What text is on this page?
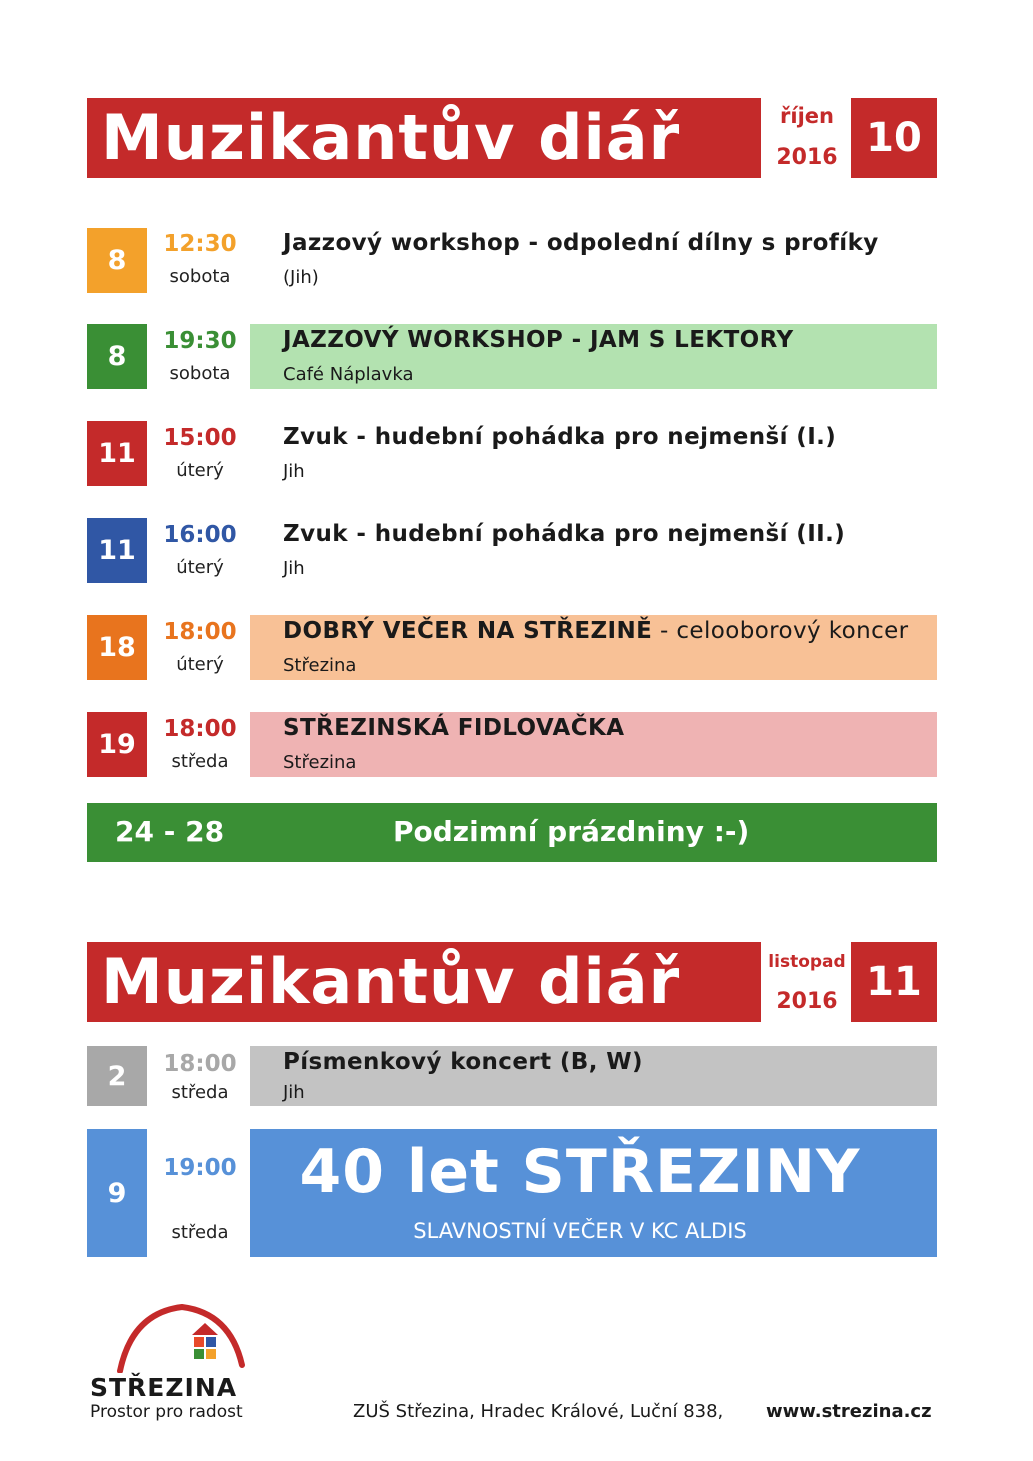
Muzikantův diář	říjen
2016 10
8
12:30
sobota
Jazzový workshop - odpolední dílny s profíky
(Jih)
8	19:30
sobota
JAZZOVÝ WORKSHOP - JAM S LEKTORY
Café Náplavka
11	15:00
úterý
Zvuk - hudební pohádka pro nejmenší (I.)
Jih
11	16:00
úterý
Zvuk - hudební pohádka pro nejmenší (II.)
Jih
18	18:00
úterý
DOBRÝ VEČER NA STŘEZINĚ - celooborový koncer
Střezina
19	18:00
středa
STŘEZINSKÁ FIDLOVAČKA
Střezina
24 - 28	Podzimní prázdniny :-)
Muzikantův diář	listopad
2016 11
2	18:00
středa
Písmenkový koncert (B, W)
Jih
9
19:00
středa
40 let STŘEZINY
SLAVNOSTNÍ VEČER V KC ALDIS
STŘEZINA
Prostor pro radost	ZUŠ Střezina, Hradec Králové, Luční 838, www.strezina.cz
